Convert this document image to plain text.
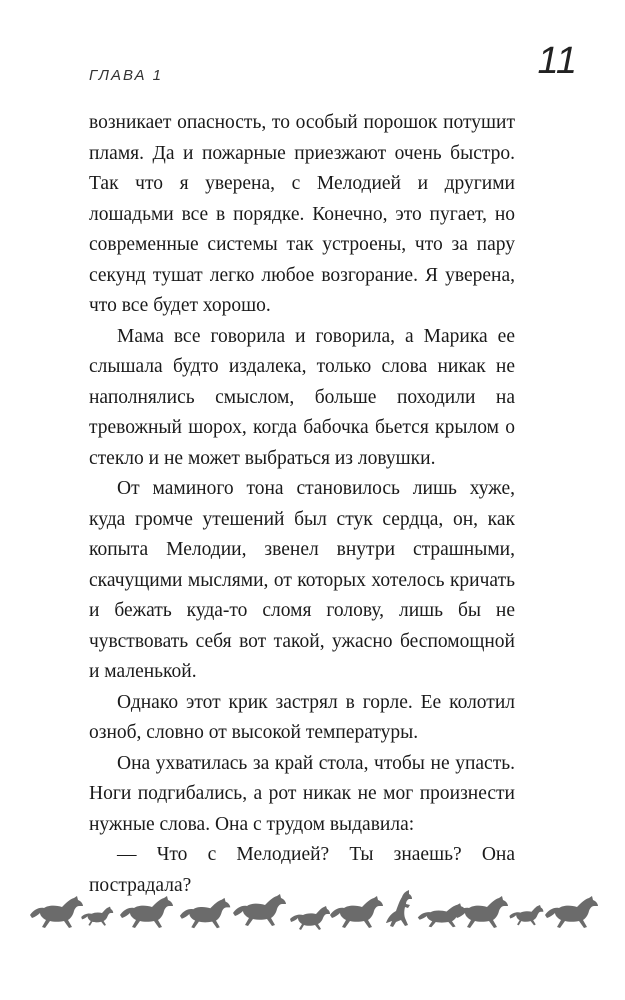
ГЛАВА 1	11

возникает опасность, то особый порошок потушит пламя. Да и пожарные приезжают очень быстро. Так что я уверена, с Мелодией и другими лошадьми все в порядке. Конечно, это пугает, но современные системы так устроены, что за пару секунд тушат легко любое возгорание. Я уверена, что все будет хорошо.

Мама все говорила и говорила, а Марика ее слышала будто издалека, только слова никак не наполнялись смыслом, больше походили на тревожный шорох, когда бабочка бьется крылом о стекло и не может выбраться из ловушки.

От маминого тона становилось лишь хуже, куда громче утешений был стук сердца, он, как копыта Мелодии, звенел внутри страшными, скачущими мыслями, от которых хотелось кричать и бежать куда-то сломя голову, лишь бы не чувствовать себя вот такой, ужасно беспомощной и маленькой.

Однако этот крик застрял в горле. Ее колотил озноб, словно от высокой температуры.

Она ухватилась за край стола, чтобы не упасть. Ноги подгибались, а рот никак не мог произнести нужные слова. Она с трудом выдавила:

— Что с Мелодией? Ты знаешь? Она пострадала?
